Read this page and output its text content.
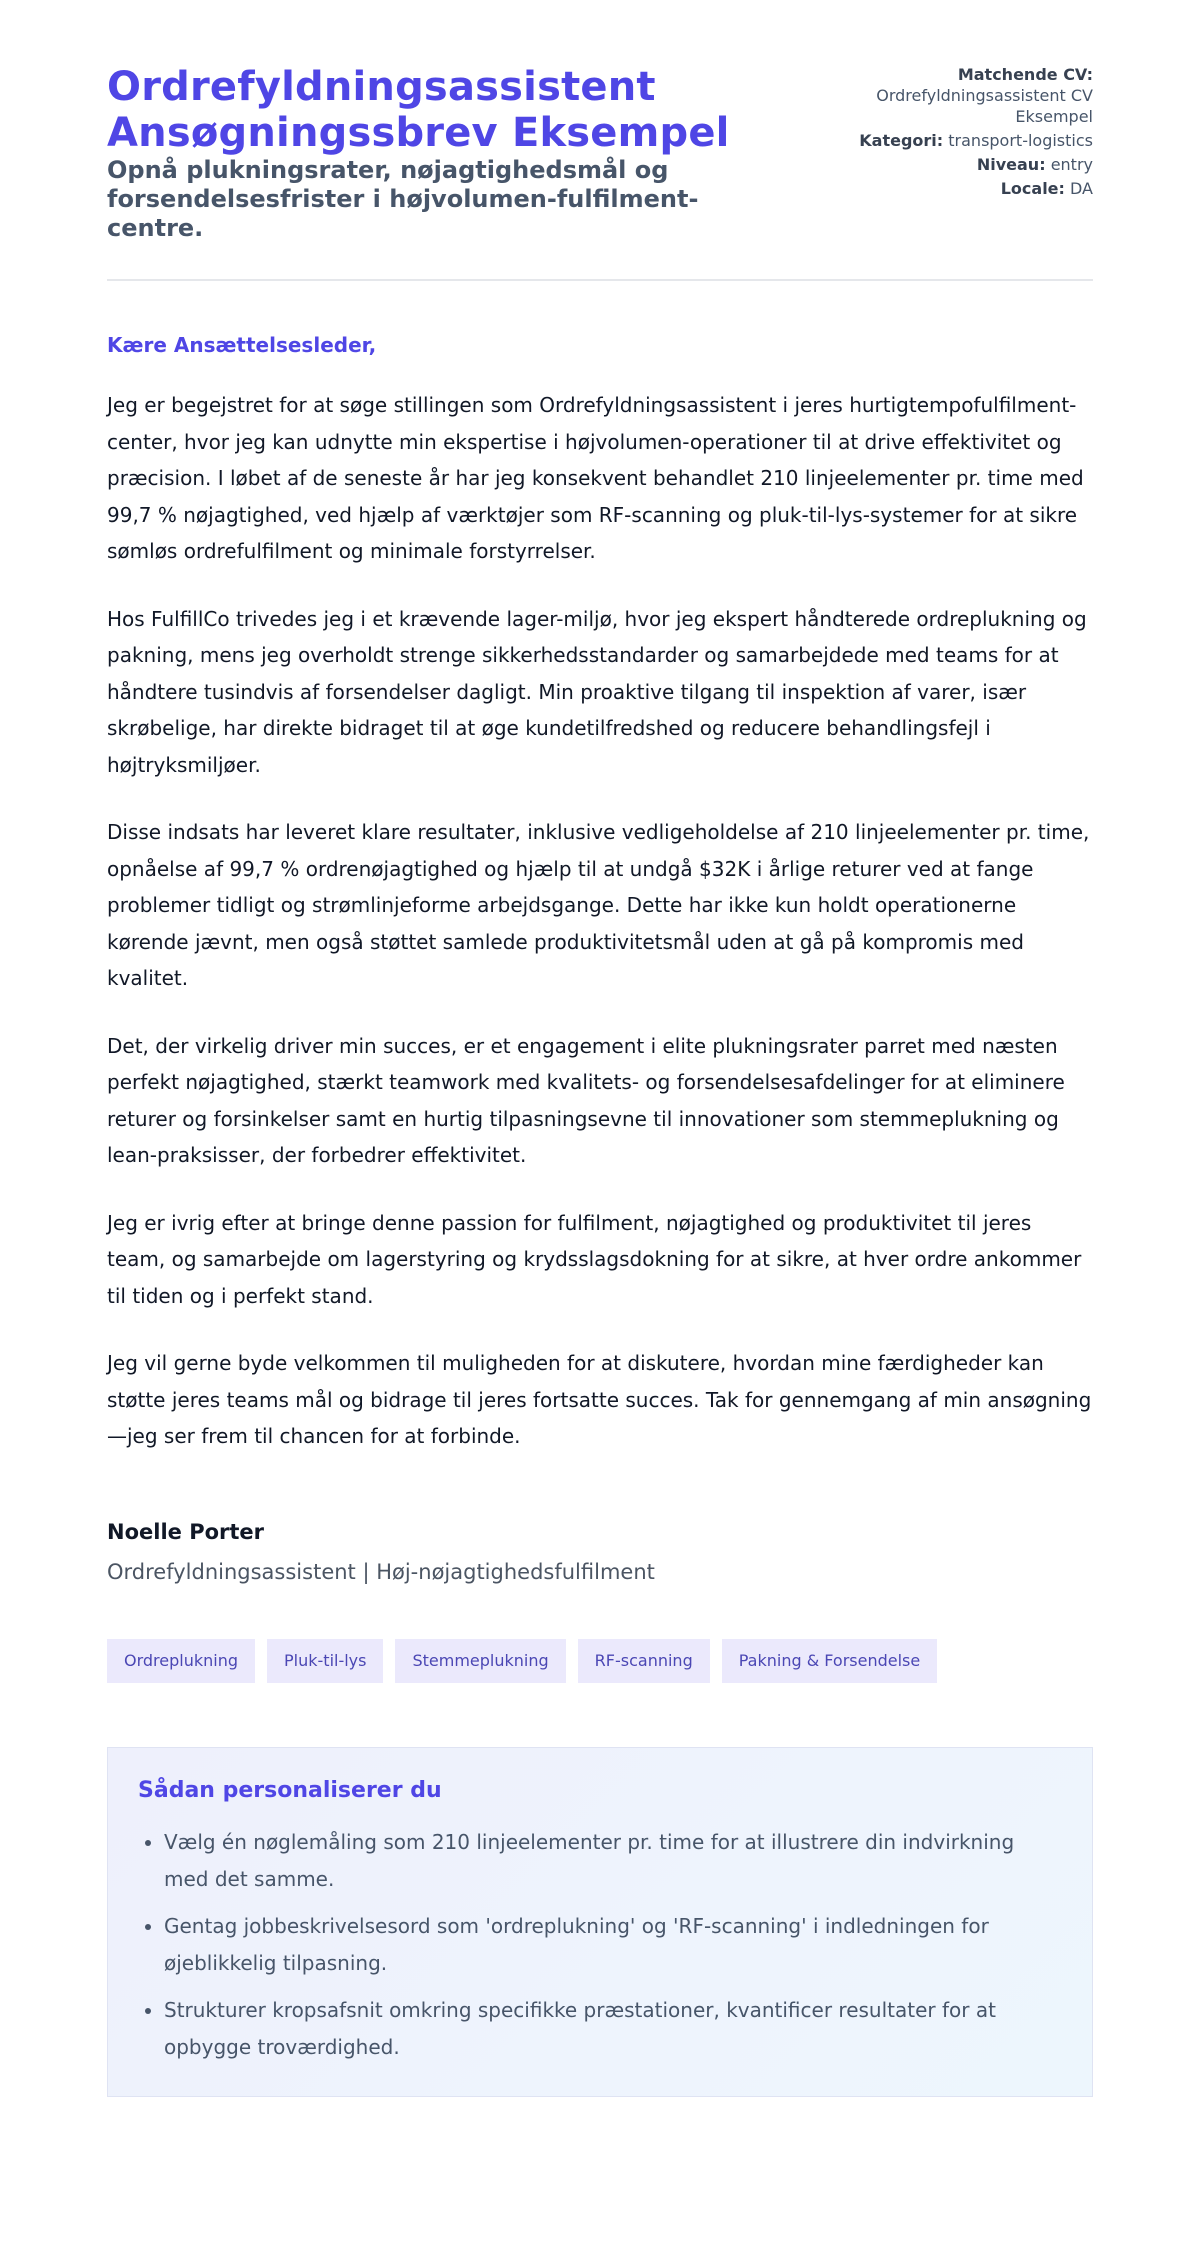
Ordrefyldningsassistent Ansøgningssbrev Eksempel
Opnå plukningsrater, nøjagtighedsmål og forsendelsesfrister i højvolumen-fulfilment-centre.
Matchende CV:
Ordrefyldningsassistent CV Eksempel
Kategori: transport-logistics
Niveau: entry
Locale: DA

Kære Ansættelsesleder,

Jeg er begejstret for at søge stillingen som Ordrefyldningsassistent i jeres hurtigtempofulfilment-center, hvor jeg kan udnytte min ekspertise i højvolumen-operationer til at drive effektivitet og præcision. I løbet af de seneste år har jeg konsekvent behandlet 210 linjeelementer pr. time med 99,7 % nøjagtighed, ved hjælp af værktøjer som RF-scanning og pluk-til-lys-systemer for at sikre sømløs ordrefulfilment og minimale forstyrrelser.

Hos FulfillCo trivedes jeg i et krævende lager-miljø, hvor jeg ekspert håndterede ordreplukning og pakning, mens jeg overholdt strenge sikkerhedsstandarder og samarbejdede med teams for at håndtere tusindvis af forsendelser dagligt. Min proaktive tilgang til inspektion af varer, især skrøbelige, har direkte bidraget til at øge kundetilfredshed og reducere behandlingsfejl i højtryksmiljøer.

Disse indsats har leveret klare resultater, inklusive vedligeholdelse af 210 linjeelementer pr. time, opnåelse af 99,7 % ordrenøjagtighed og hjælp til at undgå $32K i årlige returer ved at fange problemer tidligt og strømlinjeforme arbejdsgange. Dette har ikke kun holdt operationerne kørende jævnt, men også støttet samlede produktivitetsmål uden at gå på kompromis med kvalitet.

Det, der virkelig driver min succes, er et engagement i elite plukningsrater parret med næsten perfekt nøjagtighed, stærkt teamwork med kvalitets- og forsendelsesafdelinger for at eliminere returer og forsinkelser samt en hurtig tilpasningsevne til innovationer som stemmeplukning og lean-praksisser, der forbedrer effektivitet.

Jeg er ivrig efter at bringe denne passion for fulfilment, nøjagtighed og produktivitet til jeres team, og samarbejde om lagerstyring og krydsslagsdokning for at sikre, at hver ordre ankommer til tiden og i perfekt stand.

Jeg vil gerne byde velkommen til muligheden for at diskutere, hvordan mine færdigheder kan støtte jeres teams mål og bidrage til jeres fortsatte succes. Tak for gennemgang af min ansøgning—jeg ser frem til chancen for at forbinde.

Noelle Porter
Ordrefyldningsassistent | Høj-nøjagtighedsfulfilment
Ordreplukning	Pluk-til-lys	Stemmeplukning	RF-scanning	Pakning & Forsendelse
Sådan personaliserer du
• Vælg én nøglemåling som 210 linjeelementer pr. time for at illustrere din indvirkning med det samme.
• Gentag jobbeskrivelsesord som 'ordreplukning' og 'RF-scanning' i indledningen for øjeblikkelig tilpasning.
• Strukturer kropsafsnit omkring specifikke præstationer, kvantificer resultater for at opbygge troværdighed.
